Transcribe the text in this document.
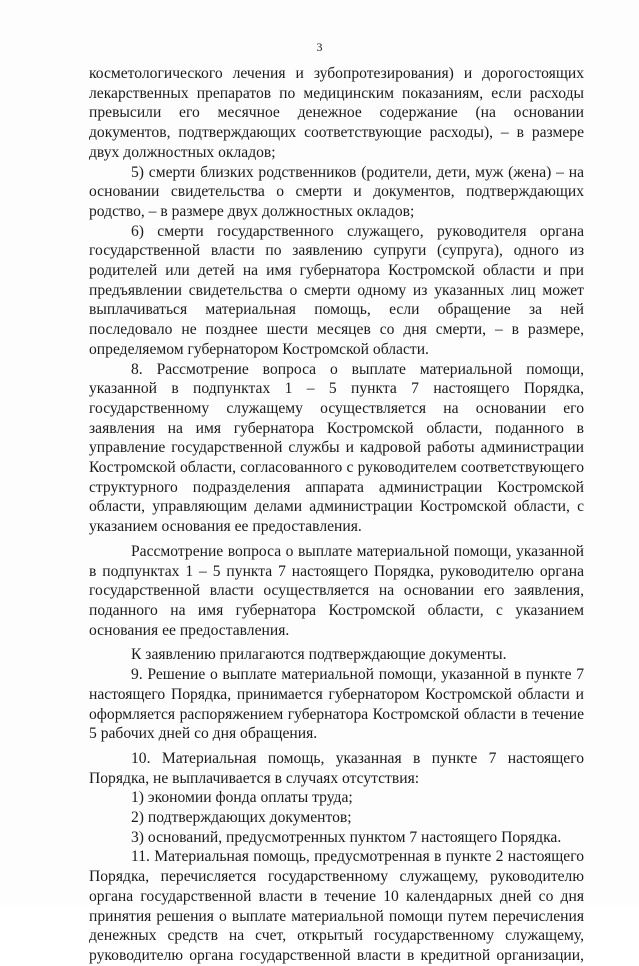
3

косметологического лечения и зубопротезирования) и дорогостоящих лекарственных препаратов по медицинским показаниям, если расходы превысили его месячное денежное содержание (на основании документов, подтверждающих соответствующие расходы), – в размере двух должностных окладов;

5) смерти близких родственников (родители, дети, муж (жена) – на основании свидетельства о смерти и документов, подтверждающих родство, – в размере двух должностных окладов;

6) смерти государственного служащего, руководителя органа государственной власти по заявлению супруги (супруга), одного из родителей или детей на имя губернатора Костромской области и при предъявлении свидетельства о смерти одному из указанных лиц может выплачиваться материальная помощь, если обращение за ней последовало не позднее шести месяцев со дня смерти, – в размере, определяемом губернатором Костромской области.

8. Рассмотрение вопроса о выплате материальной помощи, указанной в подпунктах 1 – 5 пункта 7 настоящего Порядка, государственному служащему осуществляется на основании его заявления на имя губернатора Костромской области, поданного в управление государственной службы и кадровой работы администрации Костромской области, согласованного с руководителем соответствующего структурного подразделения аппарата администрации Костромской области, управляющим делами администрации Костромской области, с указанием основания ее предоставления.

Рассмотрение вопроса о выплате материальной помощи, указанной в подпунктах 1 – 5 пункта 7 настоящего Порядка, руководителю органа государственной власти осуществляется на основании его заявления, поданного на имя губернатора Костромской области, с указанием основания ее предоставления.

К заявлению прилагаются подтверждающие документы.

9. Решение о выплате материальной помощи, указанной в пункте 7 настоящего Порядка, принимается губернатором Костромской области и оформляется распоряжением губернатора Костромской области в течение 5 рабочих дней со дня обращения.

10. Материальная помощь, указанная в пункте 7 настоящего Порядка, не выплачивается в случаях отсутствия:

1) экономии фонда оплаты труда;

2) подтверждающих документов;

3) оснований, предусмотренных пунктом 7 настоящего Порядка.

11. Материальная помощь, предусмотренная в пункте 2 настоящего Порядка, перечисляется государственному служащему, руководителю органа государственной власти в течение 10 календарных дней со дня принятия решения о выплате материальной помощи путем перечисления денежных средств на счет, открытый государственному служащему, руководителю органа государственной власти в кредитной организации,
